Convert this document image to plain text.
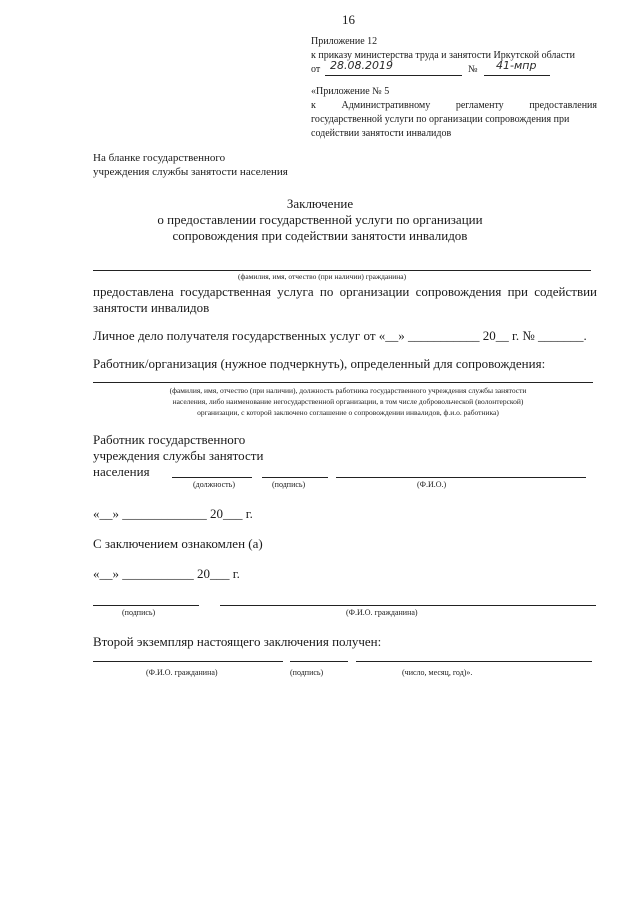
16
Приложение 12
к приказу министерства труда и занятости Иркутской области
от 28.08.2019	№ 41-мпр
«Приложение № 5
к	Административному	регламенту	предоставления
государственной услуги по организации сопровождения при
содействии занятости инвалидов
На бланке государственного
учреждения службы занятости населения
Заключение
о предоставлении государственной услуги по организации
сопровождения при содействии занятости инвалидов
(фамилия, имя, отчество (при наличии) гражданина)
предоставлена государственная услуга по организации сопровождения при содействии
занятости инвалидов
Личное дело получателя государственных услуг от «__» ___________ 20__ г. № _______.
Работник/организация (нужное подчеркнуть), определенный для сопровождения:
(фамилия, имя, отчество (при наличии), должность работника государственного учреждения службы занятости
населения, либо наименование негосударственной организации, в том числе добровольческой (волонтерской)
организации, с которой заключено соглашение о сопровождении инвалидов, ф.и.о. работника)
Работник государственного
учреждения службы занятости
населения
(должность)	(подпись)	(Ф.И.О.)
«__» _____________ 20___ г.
С заключением ознакомлен (а)
«__» ___________ 20___ г.
(подпись)	(Ф.И.О. гражданина)
Второй экземпляр настоящего заключения получен:
(Ф.И.О. гражданина)	(подпись)	(число, месяц, год)».
